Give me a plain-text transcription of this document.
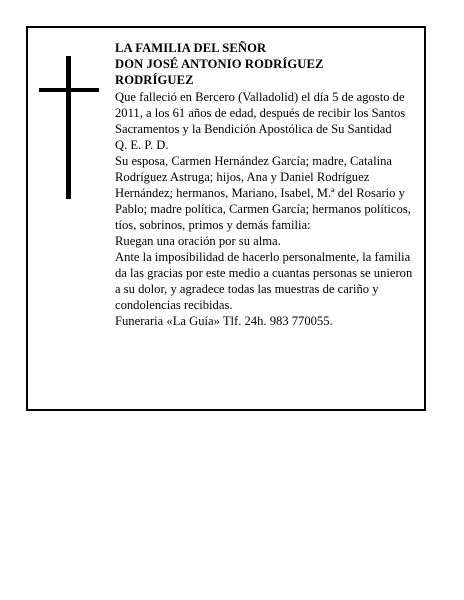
LA FAMILIA DEL SEÑOR
DON JOSÉ ANTONIO RODRÍGUEZ
RODRÍGUEZ

Que falleció en Bercero (Valladolid) el día 5 de agosto de 2011, a los 61 años de edad, después de recibir los Santos Sacramentos y la Bendición Apostólica de Su Santidad

Q. E. P. D.

Su esposa, Carmen Hernández García; madre, Catalina Rodríguez Astruga; hijos, Ana y Daniel Rodríguez Hernández; hermanos, Mariano, Isabel, M.ª del Rosario y Pablo; madre política, Carmen García; hermanos políticos, tíos, sobrinos, primos y demás familia:

Ruegan una oración por su alma.

Ante la imposibilidad de hacerlo personalmente, la familia da las gracias por este medio a cuantas personas se unieron a su dolor, y agradece todas las muestras de cariño y condolencias recibidas.

Funeraria «La Guía» Tlf. 24h. 983 770055.
